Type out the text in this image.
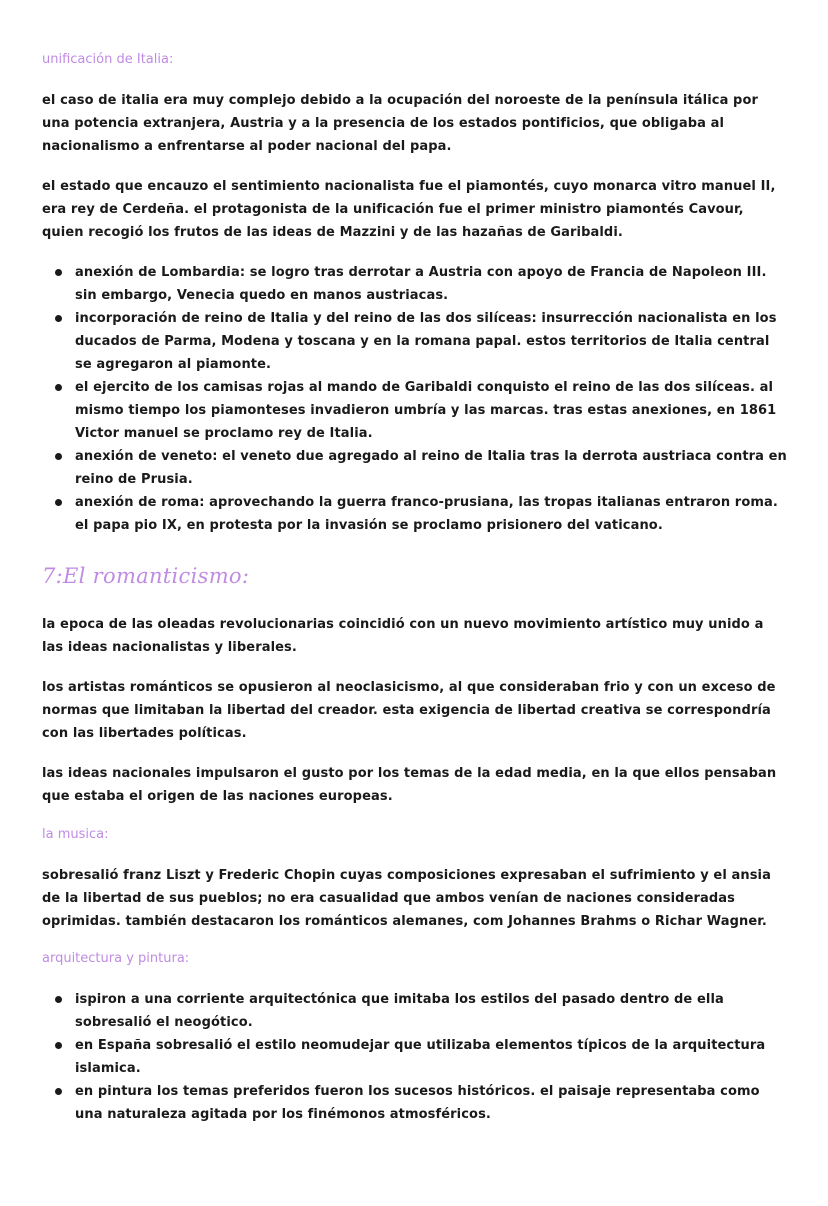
unificación de Italia:

el caso de italia era muy complejo debido a la ocupación del noroeste de la península itálica por una potencia extranjera, Austria y a la presencia de los estados pontificios, que obligaba al nacionalismo a enfrentarse al poder nacional del papa.

el estado que encauzo el sentimiento nacionalista fue el piamontés, cuyo monarca vitro manuel II, era rey de Cerdeña. el protagonista de la unificación fue el primer ministro piamontés Cavour, quien recogió los frutos de las ideas de Mazzini y de las hazañas de Garibaldi.

anexión de Lombardia: se logro tras derrotar a Austria con apoyo de Francia de Napoleon III. sin embargo, Venecia quedo en manos austriacas.
incorporación de reino de Italia y del reino de las dos silíceas: insurrección nacionalista en los ducados de Parma, Modena y toscana y en la romana papal. estos territorios de Italia central se agregaron al piamonte.
el ejercito de los camisas rojas al mando de Garibaldi conquisto el reino de las dos silíceas. al mismo tiempo los piamonteses invadieron umbría y las marcas. tras estas anexiones, en 1861 Victor manuel se proclamo rey de Italia.
anexión de veneto: el veneto due agregado al reino de Italia tras la derrota austriaca contra en reino de Prusia.
anexión de roma: aprovechando la guerra franco-prusiana, las tropas italianas entraron roma. el papa pio IX, en protesta por la invasión se proclamo prisionero del vaticano.

7:El romanticismo:

la epoca de las oleadas revolucionarias coincidió con un nuevo movimiento artístico muy unido a las ideas nacionalistas y liberales.

los artistas románticos se opusieron al neoclasicismo, al que consideraban frio y con un exceso de normas que limitaban la libertad del creador. esta exigencia de libertad creativa se correspondría con las libertades políticas.

las ideas nacionales impulsaron el gusto por los temas de la edad media, en la que ellos pensaban que estaba el origen de las naciones europeas.

la musica:

sobresalió franz Liszt y Frederic Chopin cuyas composiciones expresaban el sufrimiento y el ansia de la libertad de sus pueblos; no era casualidad que ambos venían de naciones consideradas oprimidas. también destacaron los románticos alemanes, com Johannes Brahms o Richar Wagner.

arquitectura y pintura:

ispiron a una corriente arquitectónica que imitaba los estilos del pasado dentro de ella sobresalió el neogótico.
en España sobresalió el estilo neomudejar que utilizaba elementos típicos de la arquitectura islamica.
en pintura los temas preferidos fueron los sucesos históricos. el paisaje representaba como una naturaleza agitada por los finémonos atmosféricos.
